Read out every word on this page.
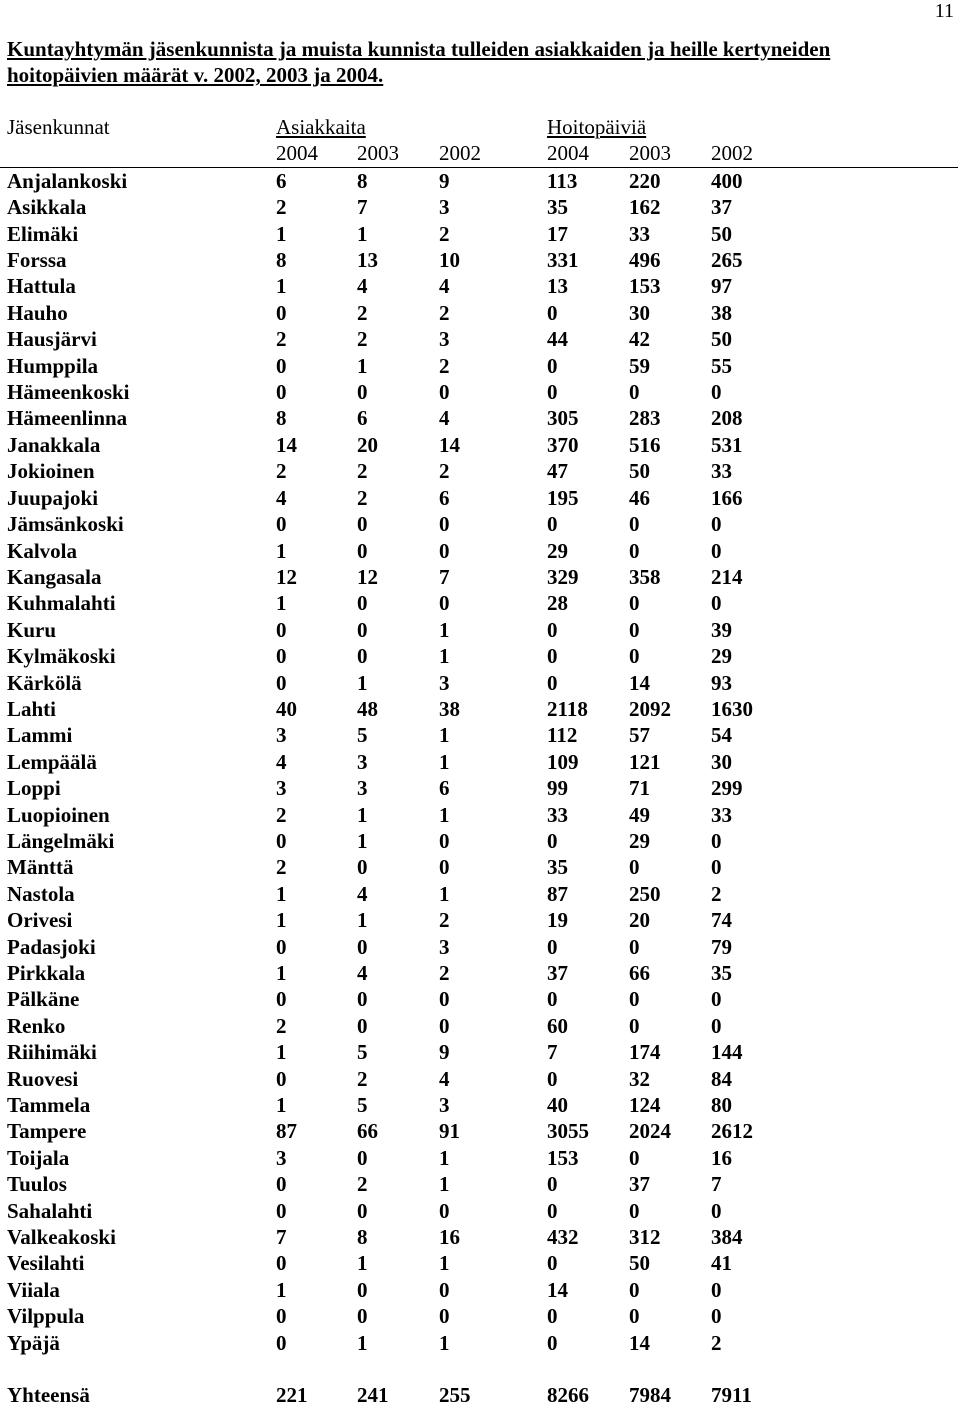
11
Kuntayhtymän jäsenkunnista ja muista kunnista tulleiden asiakkaiden ja heille kertyneiden hoitopäivien määrät v. 2002, 2003 ja 2004.
Jäsenkunnat	Asiakkaita			Hoitopäiviä		
	2004	2003	2002	2004	2003	2002
Anjalankoski	6	8	9	113	220	400
Asikkala	2	7	3	35	162	37
Elimäki	1	1	2	17	33	50
Forssa	8	13	10	331	496	265
Hattula	1	4	4	13	153	97
Hauho	0	2	2	0	30	38
Hausjärvi	2	2	3	44	42	50
Humppila	0	1	2	0	59	55
Hämeenkoski	0	0	0	0	0	0
Hämeenlinna	8	6	4	305	283	208
Janakkala	14	20	14	370	516	531
Jokioinen	2	2	2	47	50	33
Juupajoki	4	2	6	195	46	166
Jämsänkoski	0	0	0	0	0	0
Kalvola	1	0	0	29	0	0
Kangasala	12	12	7	329	358	214
Kuhmalahti	1	0	0	28	0	0
Kuru	0	0	1	0	0	39
Kylmäkoski	0	0	1	0	0	29
Kärkölä	0	1	3	0	14	93
Lahti	40	48	38	2118	2092	1630
Lammi	3	5	1	112	57	54
Lempäälä	4	3	1	109	121	30
Loppi	3	3	6	99	71	299
Luopioinen	2	1	1	33	49	33
Längelmäki	0	1	0	0	29	0
Mänttä	2	0	0	35	0	0
Nastola	1	4	1	87	250	2
Orivesi	1	1	2	19	20	74
Padasjoki	0	0	3	0	0	79
Pirkkala	1	4	2	37	66	35
Pälkäne	0	0	0	0	0	0
Renko	2	0	0	60	0	0
Riihimäki	1	5	9	7	174	144
Ruovesi	0	2	4	0	32	84
Tammela	1	5	3	40	124	80
Tampere	87	66	91	3055	2024	2612
Toijala	3	0	1	153	0	16
Tuulos	0	2	1	0	37	7
Sahalahti	0	0	0	0	0	0
Valkeakoski	7	8	16	432	312	384
Vesilahti	0	1	1	0	50	41
Viiala	1	0	0	14	0	0
Vilppula	0	0	0	0	0	0
Ypäjä	0	1	1	0	14	2

Yhteensä	221	241	255	8266	7984	7911
